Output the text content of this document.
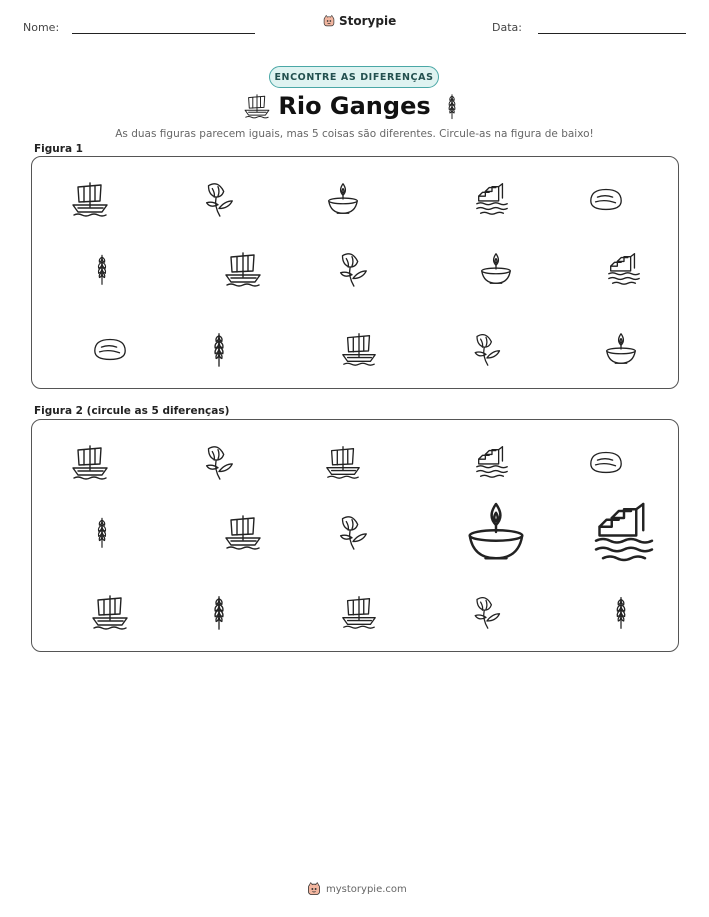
Nome:	Storypie	Data:
ENCONTRE AS DIFERENÇAS
Rio Ganges
As duas figuras parecem iguais, mas 5 coisas são diferentes. Circule-as na figura de baixo!
Figura 1
Figura 2 (circule as 5 diferenças)
mystorypie.com
